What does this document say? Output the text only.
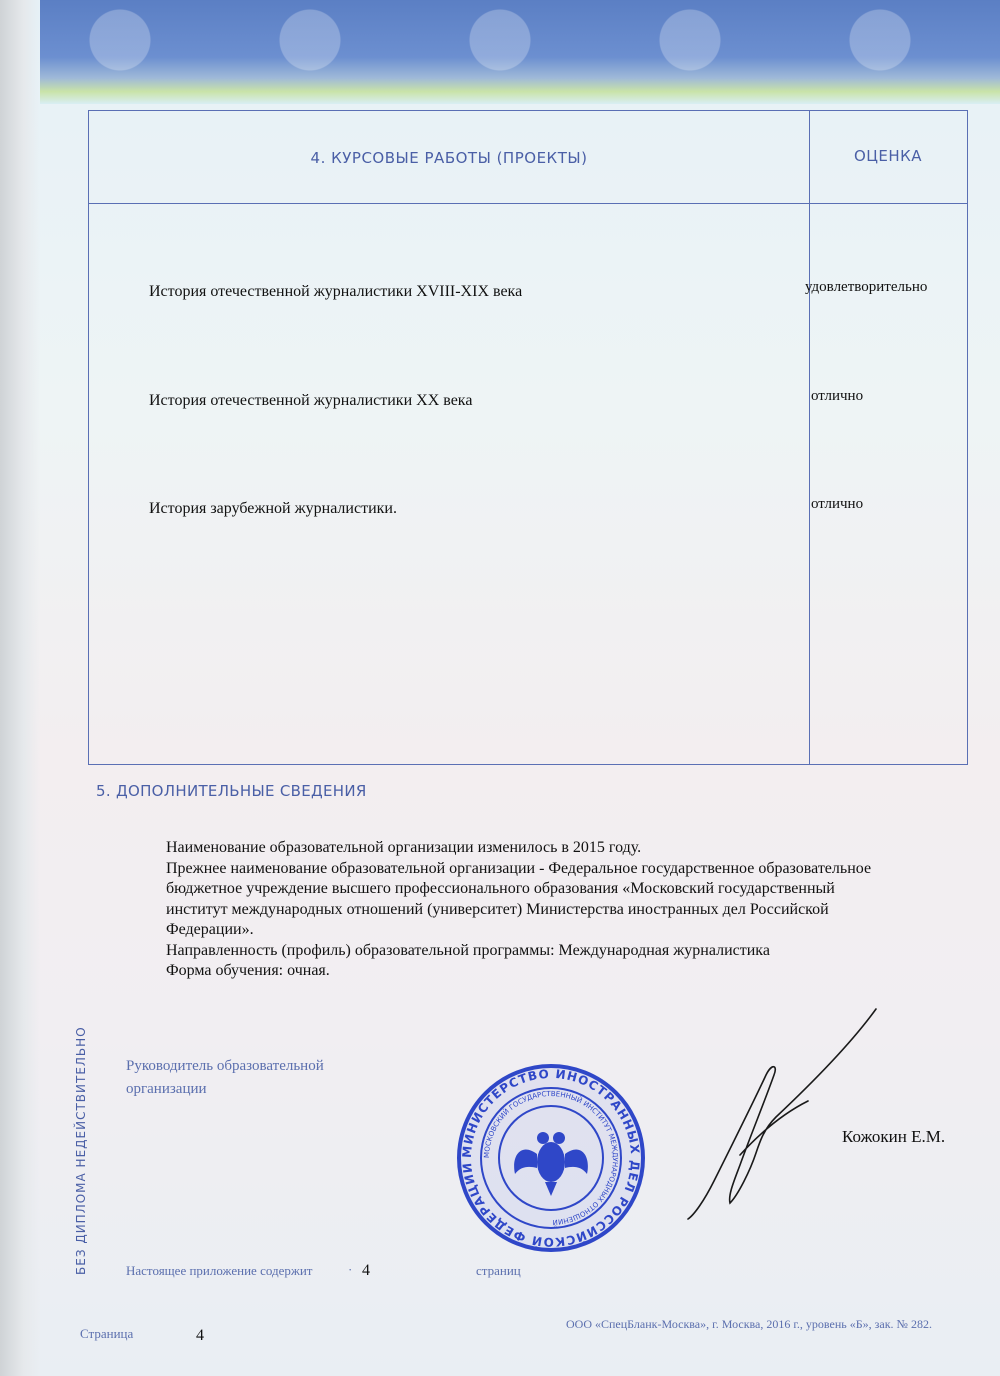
4. КУРСОВЫЕ РАБОТЫ (ПРОЕКТЫ)	ОЦЕНКА
История отечественной журналистики XVIII-XIX века	удовлетворительно
История отечественной журналистики XX века	отлично
История зарубежной журналистики.	отлично
5. ДОПОЛНИТЕЛЬНЫЕ СВЕДЕНИЯ
Наименование образовательной организации изменилось в 2015 году.
Прежнее наименование образовательной организации - Федеральное государственное образовательное
бюджетное учреждение высшего профессионального образования «Московский государственный
институт международных отношений (университет) Министерства иностранных дел Российской
Федерации».
Направленность (профиль) образовательной программы: Международная журналистика
Форма обучения: очная.
Руководитель образовательной
организации
БЕЗ ДИПЛОМА НЕДЕЙСТВИТЕЛЬНО	МИНИСТЕРСТВО ИНОСТРАННЫХ ДЕЛ РОССИЙСКОЙ ФЕДЕРАЦИИ
МОСКОВСКИЙ ГОСУДАРСТВЕННЫЙ ИНСТИТУТ МЕЖДУНАРОДНЫХ ОТНОШЕНИЙ
Кожокин Е.М.
Настоящее приложение содержит	· 4	страниц
Страница	4
ООО «СпецБланк-Москва», г. Москва, 2016 г., уровень «Б», зак. № 282.
